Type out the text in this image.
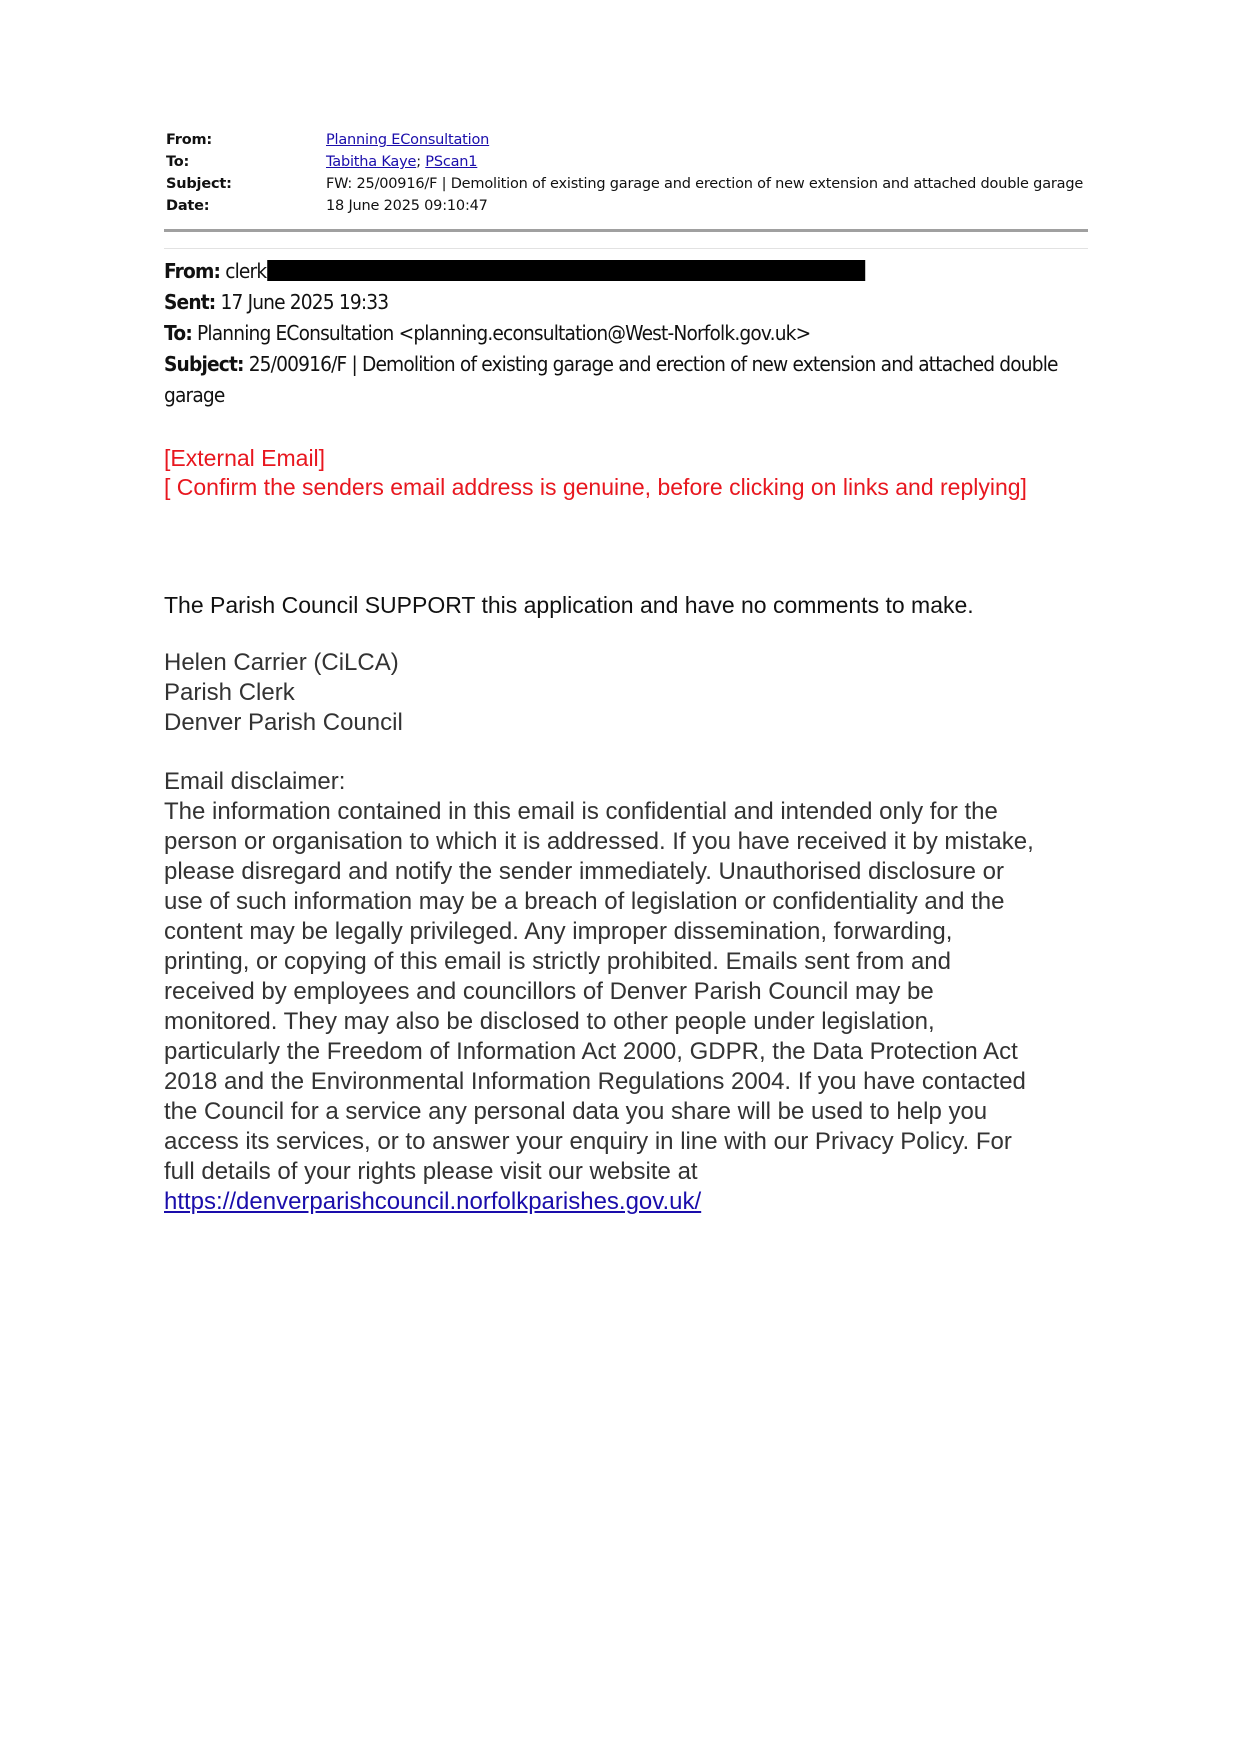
From:	Planning EConsultation
To:	Tabitha Kaye; PScan1
Subject:	FW: 25/00916/F | Demolition of existing garage and erection of new extension and attached double garage
Date:	18 June 2025 09:10:47
From: clerk
Sent: 17 June 2025 19:33
To: Planning EConsultation <planning.econsultation@West-Norfolk.gov.uk>
Subject: 25/00916/F | Demolition of existing garage and erection of new extension and attached double garage
[External Email]
[ Confirm the senders email address is genuine, before clicking on links and replying]
The Parish Council SUPPORT this application and have no comments to make.
Helen Carrier (CiLCA)
Parish Clerk
Denver Parish Council
Email disclaimer:
The information contained in this email is confidential and intended only for the
person or organisation to which it is addressed. If you have received it by mistake,
please disregard and notify the sender immediately. Unauthorised disclosure or
use of such information may be a breach of legislation or confidentiality and the
content may be legally privileged. Any improper dissemination, forwarding,
printing, or copying of this email is strictly prohibited. Emails sent from and
received by employees and councillors of Denver Parish Council may be
monitored. They may also be disclosed to other people under legislation,
particularly the Freedom of Information Act 2000, GDPR, the Data Protection Act
2018 and the Environmental Information Regulations 2004. If you have contacted
the Council for a service any personal data you share will be used to help you
access its services, or to answer your enquiry in line with our Privacy Policy. For
full details of your rights please visit our website at
https://denverparishcouncil.norfolkparishes.gov.uk/
